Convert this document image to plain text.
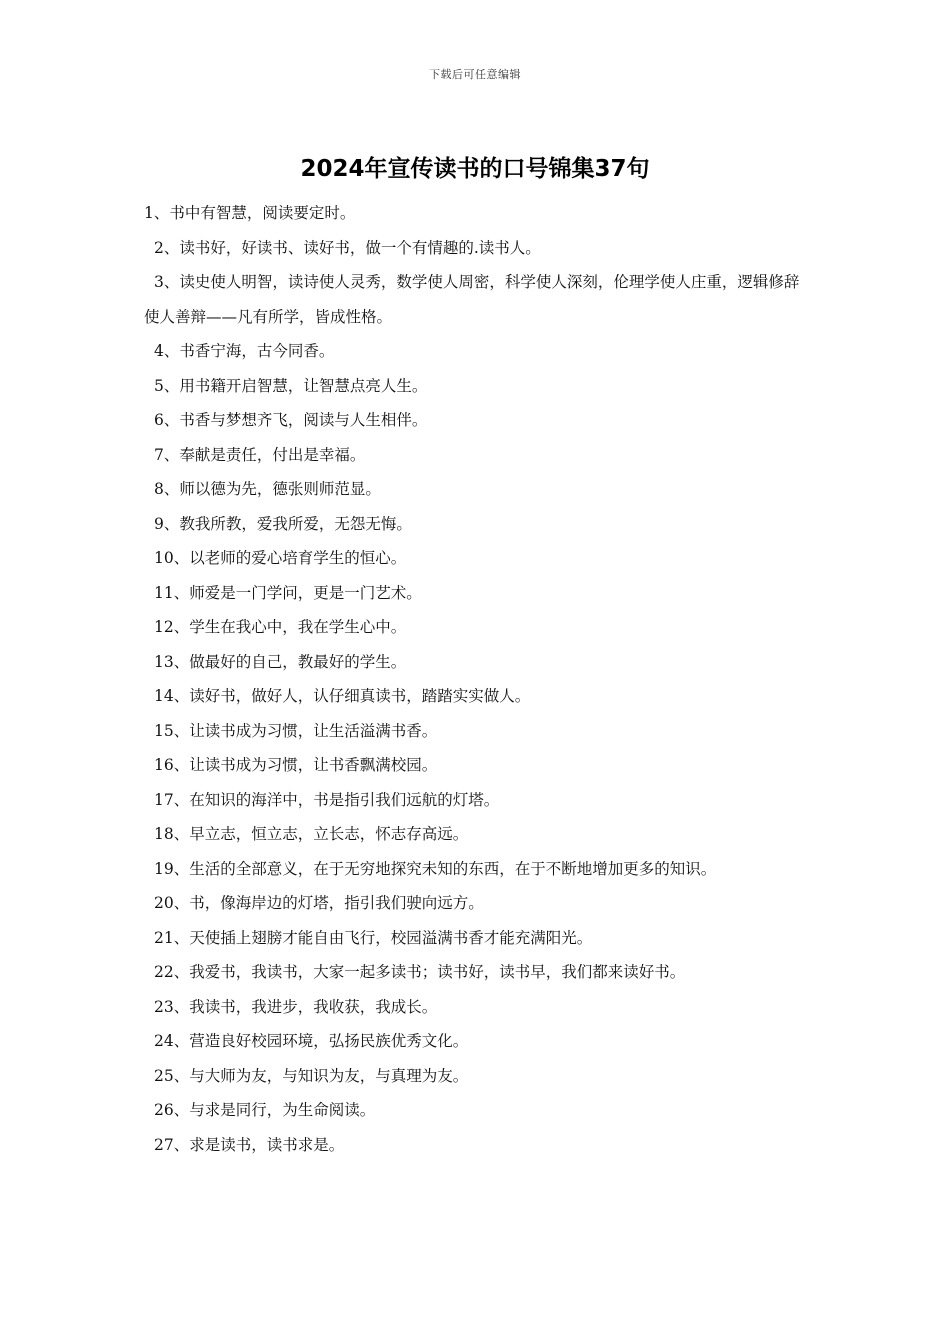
下载后可任意编辑
2024年宣传读书的口号锦集37句
1、书中有智慧，阅读要定时。
2、读书好，好读书、读好书，做一个有情趣的.读书人。
3、读史使人明智，读诗使人灵秀，数学使人周密，科学使人深刻，伦理学使人庄重，逻辑修辞使人善辩——凡有所学，皆成性格。
4、书香宁海，古今同香。
5、用书籍开启智慧，让智慧点亮人生。
6、书香与梦想齐飞，阅读与人生相伴。
7、奉献是责任，付出是幸福。
8、师以德为先，德张则师范显。
9、教我所教，爱我所爱，无怨无悔。
10、以老师的爱心培育学生的恒心。
11、师爱是一门学问，更是一门艺术。
12、学生在我心中，我在学生心中。
13、做最好的自己，教最好的学生。
14、读好书，做好人，认仔细真读书，踏踏实实做人。
15、让读书成为习惯，让生活溢满书香。
16、让读书成为习惯，让书香飘满校园。
17、在知识的海洋中，书是指引我们远航的灯塔。
18、早立志，恒立志，立长志，怀志存高远。
19、生活的全部意义，在于无穷地探究未知的东西，在于不断地增加更多的知识。
20、书，像海岸边的灯塔，指引我们驶向远方。
21、天使插上翅膀才能自由飞行，校园溢满书香才能充满阳光。
22、我爱书，我读书，大家一起多读书；读书好，读书早，我们都来读好书。
23、我读书，我进步，我收获，我成长。
24、营造良好校园环境，弘扬民族优秀文化。
25、与大师为友，与知识为友，与真理为友。
26、与求是同行，为生命阅读。
27、求是读书，读书求是。
